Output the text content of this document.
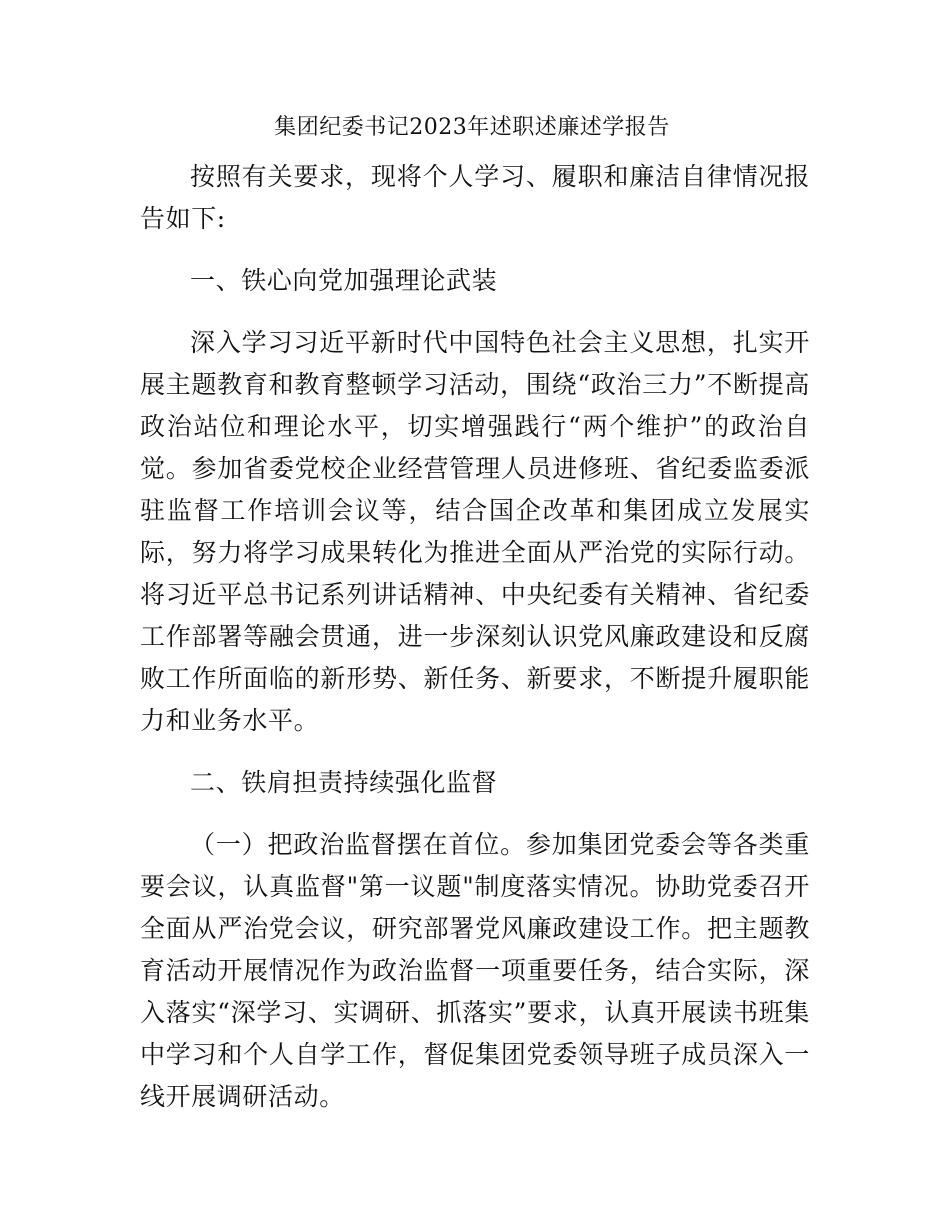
集团纪委书记2023年述职述廉述学报告

按照有关要求，现将个人学习、履职和廉洁自律情况报告如下:

一、铁心向党加强理论武装

深入学习习近平新时代中国特色社会主义思想，扎实开展主题教育和教育整顿学习活动，围绕“政治三力”不断提高政治站位和理论水平，切实增强践行“两个维护”的政治自觉。参加省委党校企业经营管理人员进修班、省纪委监委派驻监督工作培训会议等，结合国企改革和集团成立发展实际，努力将学习成果转化为推进全面从严治党的实际行动。将习近平总书记系列讲话精神、中央纪委有关精神、省纪委工作部署等融会贯通，进一步深刻认识党风廉政建设和反腐败工作所面临的新形势、新任务、新要求，不断提升履职能力和业务水平。

二、铁肩担责持续强化监督

（一）把政治监督摆在首位。参加集团党委会等各类重要会议，认真监督"第一议题"制度落实情况。协助党委召开全面从严治党会议，研究部署党风廉政建设工作。把主题教育活动开展情况作为政治监督一项重要任务，结合实际，深入落实“深学习、实调研、抓落实”要求，认真开展读书班集中学习和个人自学工作，督促集团党委领导班子成员深入一线开展调研活动。
